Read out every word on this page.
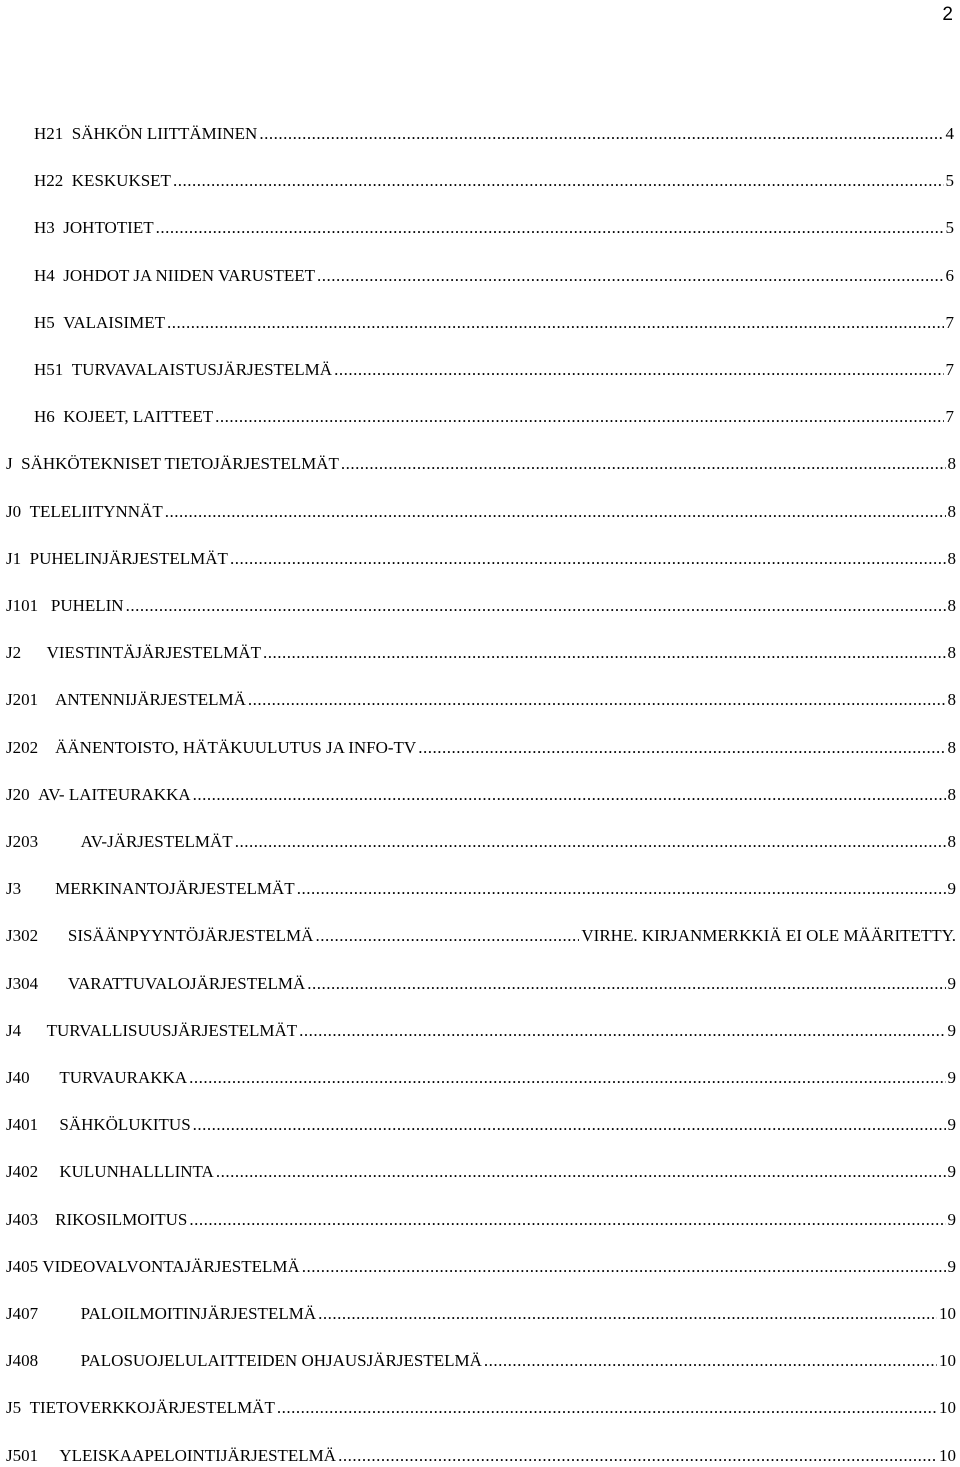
2
H21  SÄHKÖN LIITTÄMINEN .....	4
H22  KESKUKSET .....	5
H3  JOHTOTIET .....	5
H4  JOHDOT JA NIIDEN VARUSTEET .....	6
H5  VALAISIMET .....	7
H51  TURVAVALAISTUSJÄRJESTELMÄ .....	7
H6  KOJEET, LAITTEET .....	7
J  SÄHKÖTEKNISET TIETOJÄRJESTELMÄT .....	8
J0  TELELIITYNNÄT .....	8
J1  PUHELINJÄRJESTELMÄT .....	8
J101   PUHELIN .....	8
J2      VIESTINTÄJÄRJESTELMÄT .....	8
J201    ANTENNIJÄRJESTELMÄ .....	8
J202    ÄÄNENTOISTO, HÄTÄKUULUTUS JA INFO-TV .....	8
J20  AV- LAITEURAKKA .....	8
J203          AV-JÄRJESTELMÄT .....	8
J3        MERKINANTOJÄRJESTELMÄT .....	9
J302       SISÄÄNPYYNTÖJÄRJESTELMÄ .....	VIRHE. KIRJANMERKKIÄ EI OLE MÄÄRITETTY.
J304       VARATTUVALOJÄRJESTELMÄ .....	9
J4      TURVALLISUUSJÄRJESTELMÄT .....	9
J40       TURVAURAKKA .....	9
J401     SÄHKÖLUKITUS .....	9
J402     KULUNHALLLINTA .....	9
J403    RIKOSILMOITUS .....	9
J405 VIDEOVALVONTAJÄRJESTELMÄ .....	9
J407          PALOILMOITINJÄRJESTELMÄ .....	10
J408          PALOSUOJELULAITTEIDEN OHJAUSJÄRJESTELMÄ .....	10
J5  TIETOVERKKOJÄRJESTELMÄT .....	10
J501     YLEISKAAPELOINTIJÄRJESTELMÄ .....	10
